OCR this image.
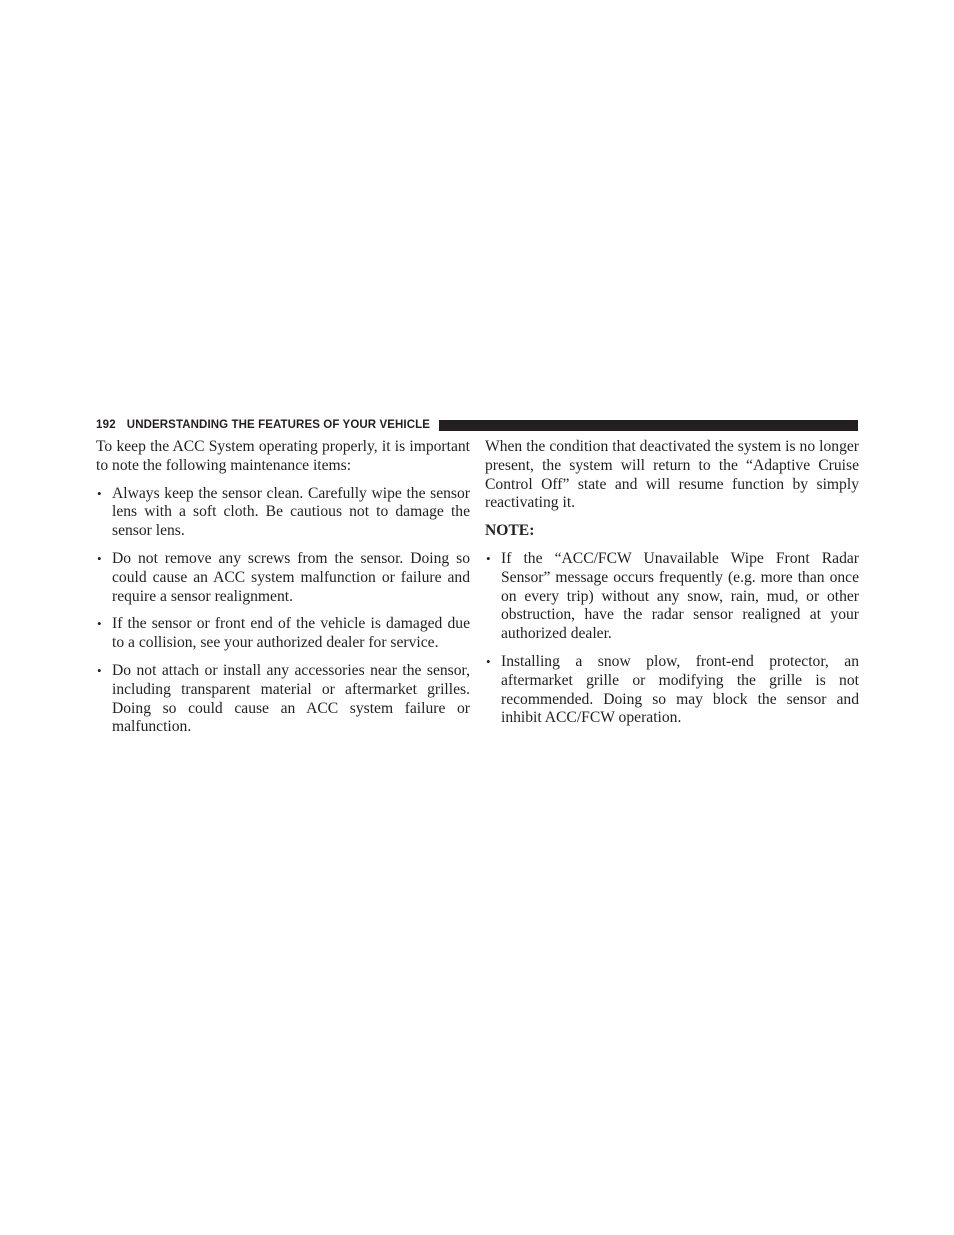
192 UNDERSTANDING THE FEATURES OF YOUR VEHICLE

To keep the ACC System operating properly, it is important to note the following maintenance items:

• Always keep the sensor clean. Carefully wipe the sensor lens with a soft cloth. Be cautious not to damage the sensor lens.
• Do not remove any screws from the sensor. Doing so could cause an ACC system malfunction or failure and require a sensor realignment.
• If the sensor or front end of the vehicle is damaged due to a collision, see your authorized dealer for service.
• Do not attach or install any accessories near the sensor, including transparent material or aftermarket grilles. Doing so could cause an ACC system failure or malfunction.

When the condition that deactivated the system is no longer present, the system will return to the “Adaptive Cruise Control Off” state and will resume function by simply reactivating it.

NOTE:

• If the “ACC/FCW Unavailable Wipe Front Radar Sensor” message occurs frequently (e.g. more than once on every trip) without any snow, rain, mud, or other obstruction, have the radar sensor realigned at your authorized dealer.
• Installing a snow plow, front-end protector, an aftermarket grille or modifying the grille is not recommended. Doing so may block the sensor and inhibit ACC/FCW operation.
